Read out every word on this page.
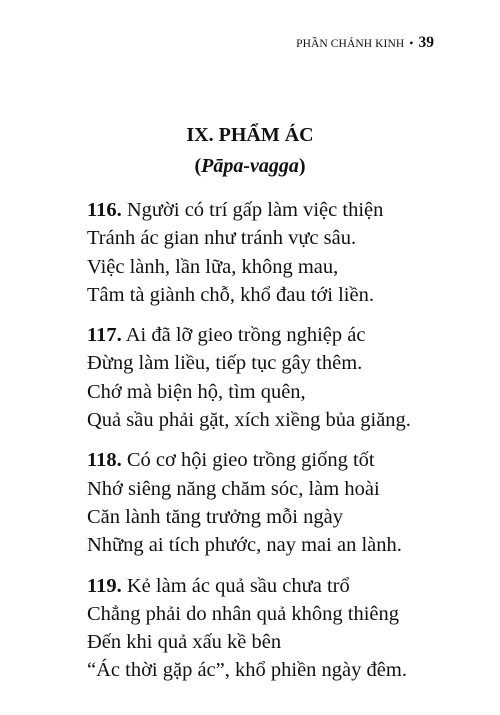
PHẦN CHÁNH KINH • 39
IX. PHẨM ÁC
(Pāpa-vagga)
116. Người có trí gấp làm việc thiện
Tránh ác gian như tránh vực sâu.
Việc lành, lần lữa, không mau,
Tâm tà giành chỗ, khổ đau tới liền.
117. Ai đã lỡ gieo trồng nghiệp ác
Đừng làm liều, tiếp tục gây thêm.
Chớ mà biện hộ, tìm quên,
Quả sầu phải gặt, xích xiềng bủa giăng.
118. Có cơ hội gieo trồng giống tốt
Nhớ siêng năng chăm sóc, làm hoài
Căn lành tăng trưởng mỗi ngày
Những ai tích phước, nay mai an lành.
119. Kẻ làm ác quả sầu chưa trổ
Chẳng phải do nhân quả không thiêng
Đến khi quả xấu kề bên
“Ác thời gặp ác”, khổ phiền ngày đêm.
